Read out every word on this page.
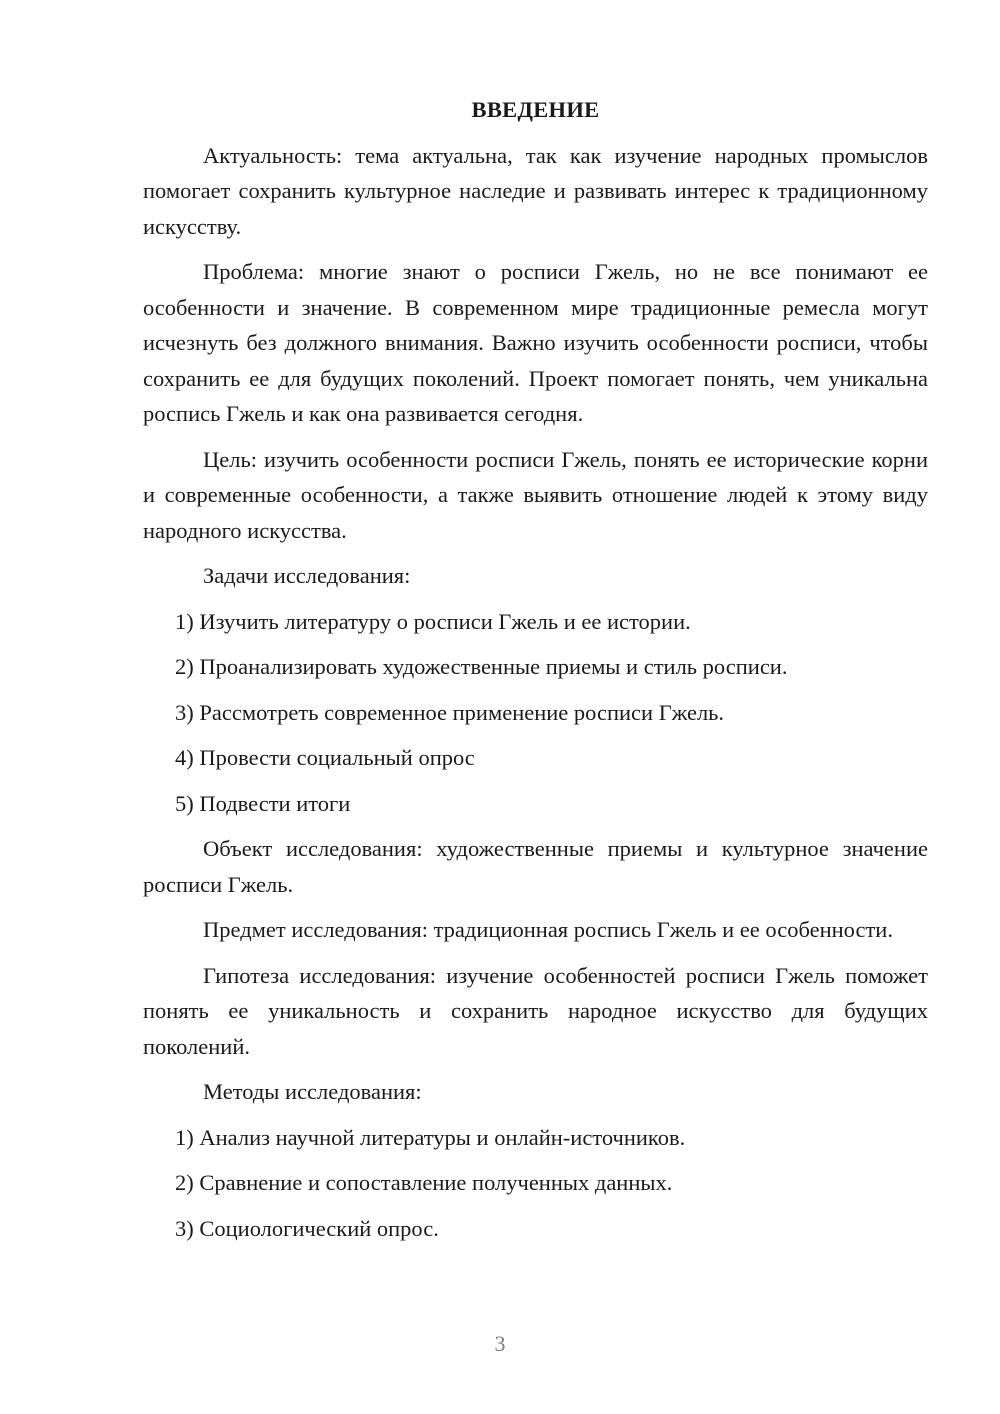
ВВЕДЕНИЕ

Актуальность: тема актуальна, так как изучение народных промыслов помогает сохранить культурное наследие и развивать интерес к традиционному искусству.

Проблема: многие знают о росписи Гжель, но не все понимают ее особенности и значение. В современном мире традиционные ремесла могут исчезнуть без должного внимания. Важно изучить особенности росписи, чтобы сохранить ее для будущих поколений. Проект помогает понять, чем уникальна роспись Гжель и как она развивается сегодня.

Цель: изучить особенности росписи Гжель, понять ее исторические корни и современные особенности, а также выявить отношение людей к этому виду народного искусства.

Задачи исследования:

1) Изучить литературу о росписи Гжель и ее истории.
2) Проанализировать художественные приемы и стиль росписи.
3) Рассмотреть современное применение росписи Гжель.
4) Провести социальный опрос
5) Подвести итоги

Объект исследования: художественные приемы и культурное значение росписи Гжель.

Предмет исследования: традиционная роспись Гжель и ее особенности.

Гипотеза исследования: изучение особенностей росписи Гжель поможет понять ее уникальность и сохранить народное искусство для будущих поколений.

Методы исследования:

1) Анализ научной литературы и онлайн-источников.
2) Сравнение и сопоставление полученных данных.
3) Социологический опрос.
3
